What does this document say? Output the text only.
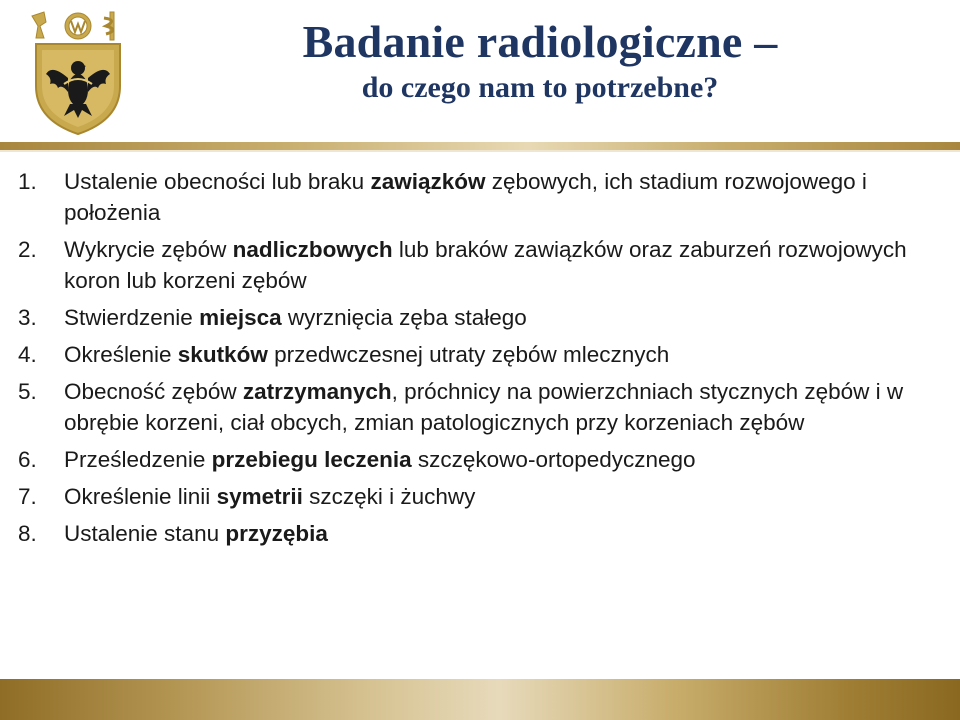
Badanie radiologiczne –
do czego nam to potrzebne?
1.	Ustalenie obecności lub braku zawiązków zębowych, ich stadium rozwojowego i położenia
2.	Wykrycie zębów nadliczbowych lub braków zawiązków oraz zaburzeń rozwojowych koron lub korzeni zębów
3.	Stwierdzenie miejsca wyrznięcia zęba stałego
4.	Określenie skutków przedwczesnej utraty zębów mlecznych
5.	Obecność zębów zatrzymanych, próchnicy na powierzchniach stycznych zębów i w obrębie korzeni, ciał obcych, zmian patologicznych przy korzeniach zębów
6.	Prześledzenie przebiegu leczenia szczękowo-ortopedycznego
7.	Określenie linii symetrii szczęki i żuchwy
8.	Ustalenie stanu przyzębia
